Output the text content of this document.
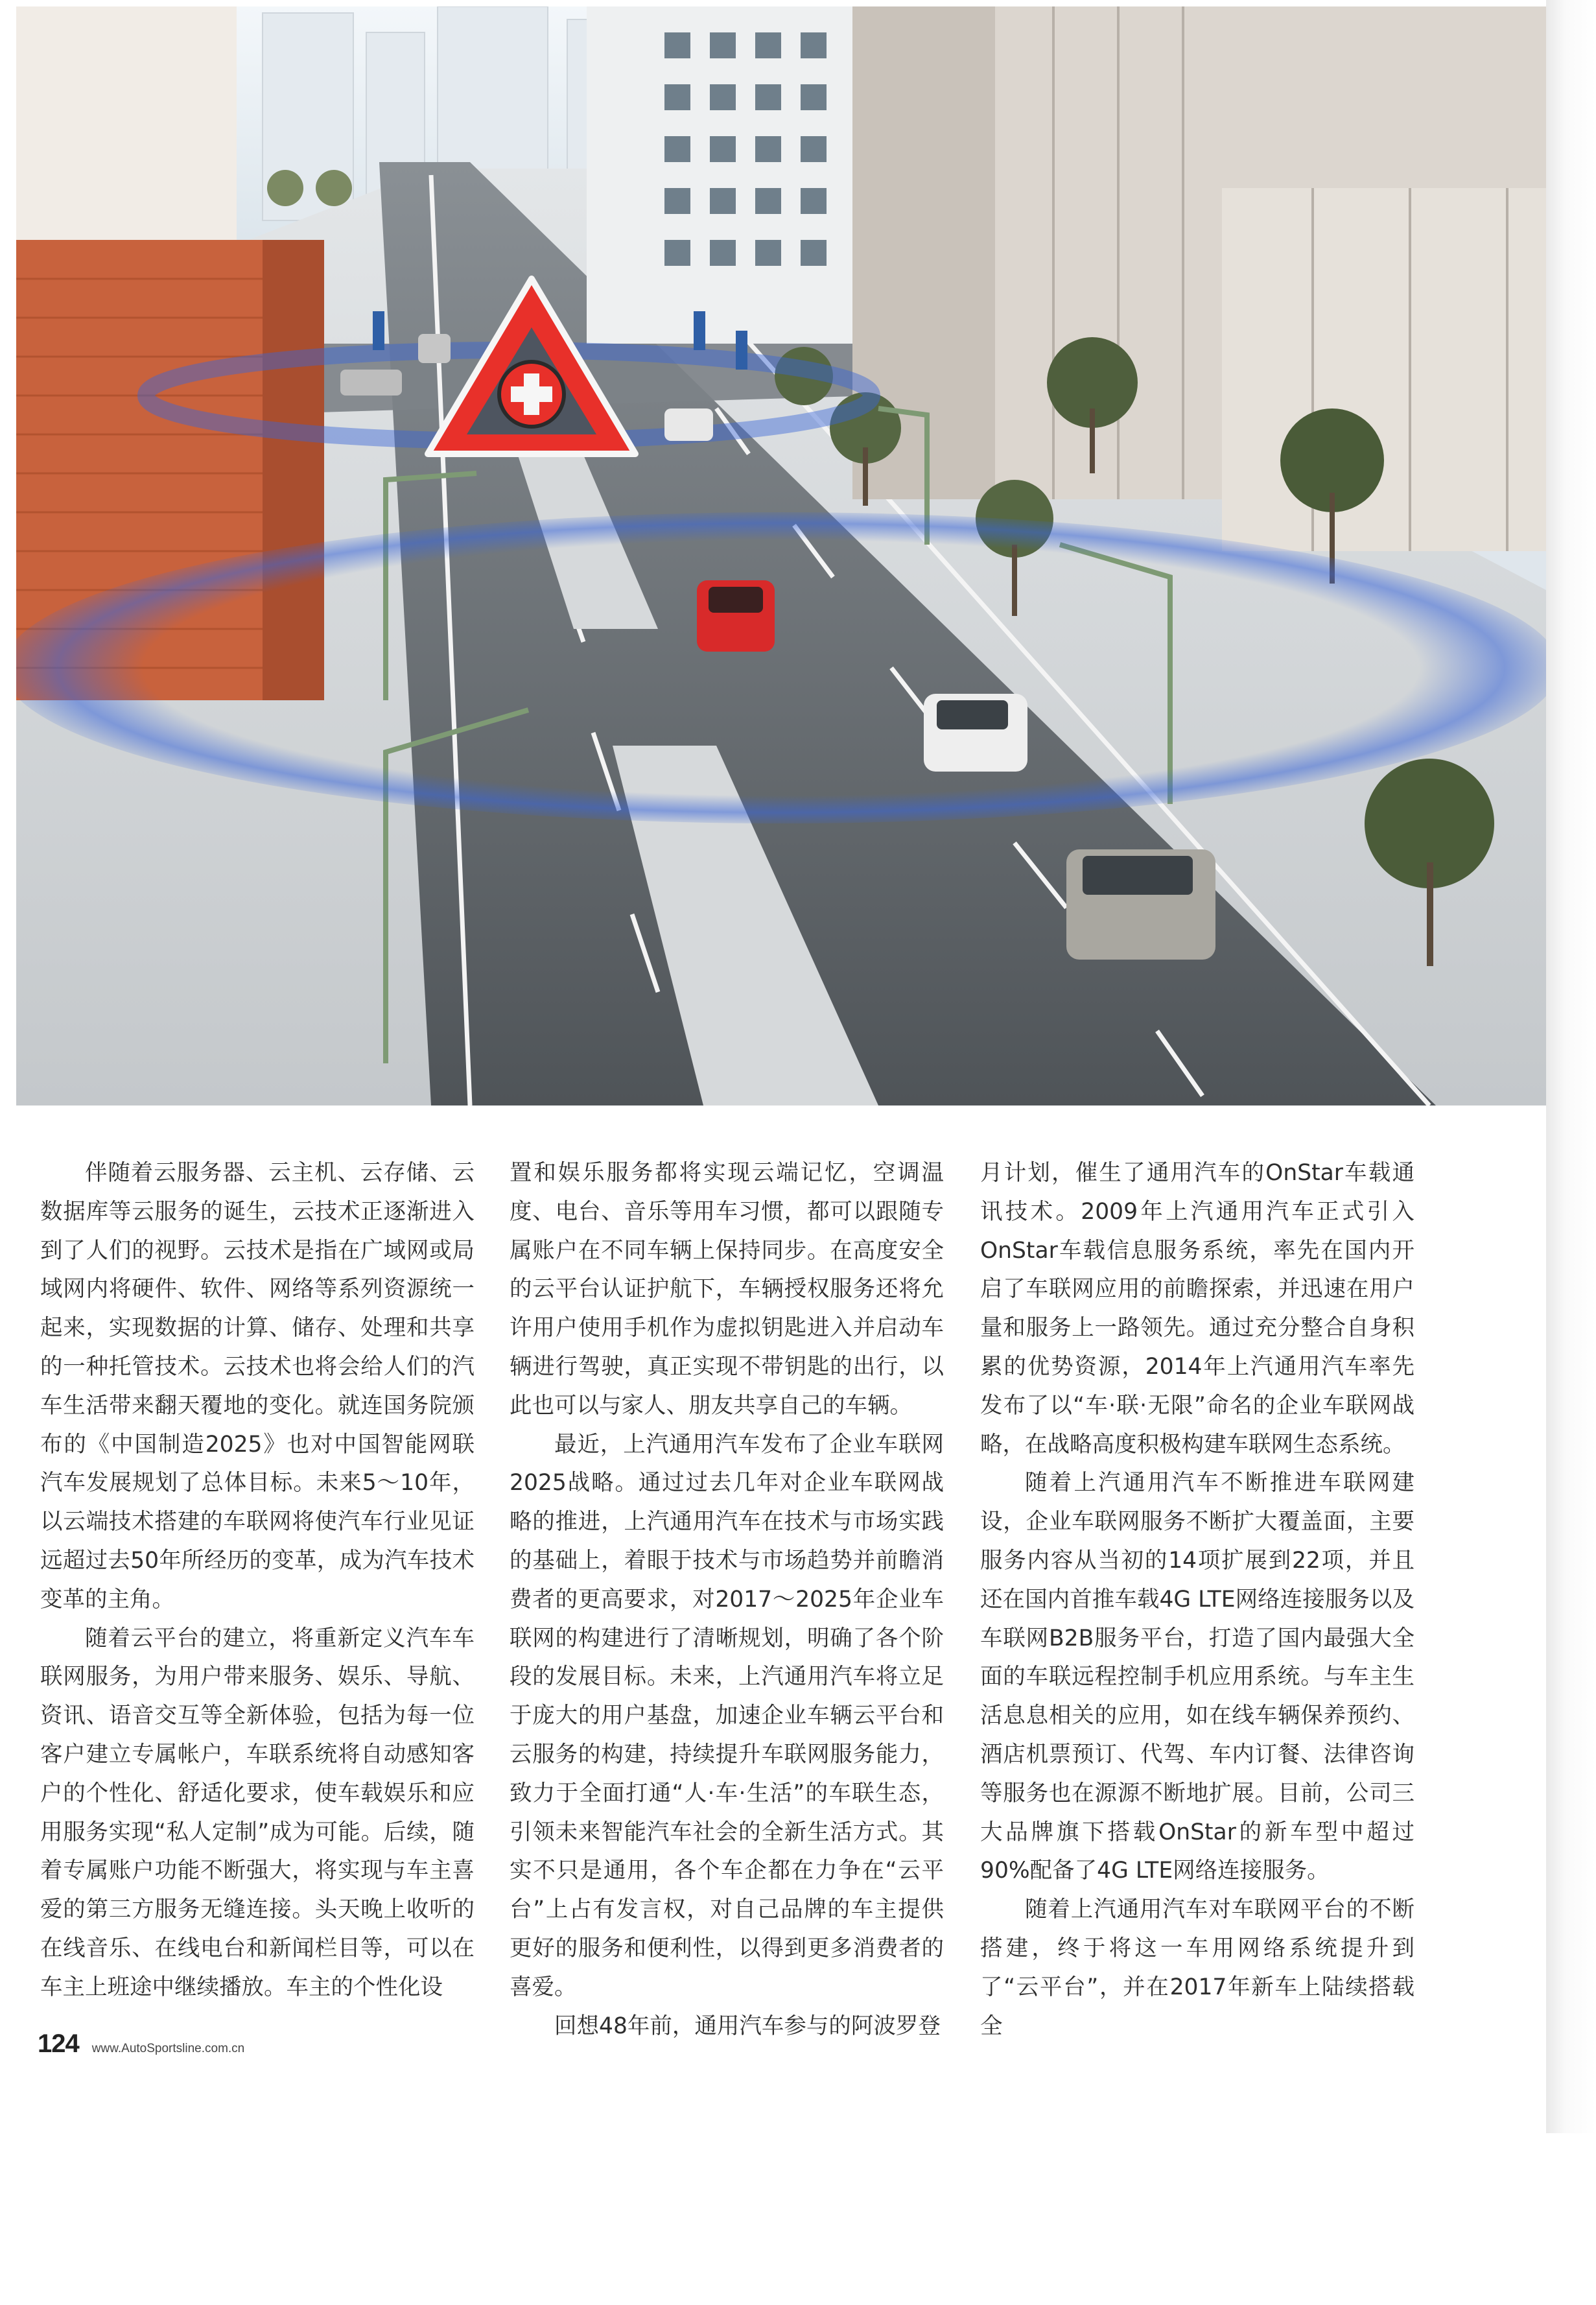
伴随着云服务器、云主机、云存储、云数据库等云服务的诞生，云技术正逐渐进入到了人们的视野。云技术是指在广域网或局域网内将硬件、软件、网络等系列资源统一起来，实现数据的计算、储存、处理和共享的一种托管技术。云技术也将会给人们的汽车生活带来翻天覆地的变化。就连国务院颁布的《中国制造2025》也对中国智能网联汽车发展规划了总体目标。未来5～10年，以云端技术搭建的车联网将使汽车行业见证远超过去50年所经历的变革，成为汽车技术变革的主角。

随着云平台的建立，将重新定义汽车车联网服务，为用户带来服务、娱乐、导航、资讯、语音交互等全新体验，包括为每一位客户建立专属帐户，车联系统将自动感知客户的个性化、舒适化要求，使车载娱乐和应用服务实现“私人定制”成为可能。后续，随着专属账户功能不断强大，将实现与车主喜爱的第三方服务无缝连接。头天晚上收听的在线音乐、在线电台和新闻栏目等，可以在车主上班途中继续播放。车主的个性化设

置和娱乐服务都将实现云端记忆，空调温度、电台、音乐等用车习惯，都可以跟随专属账户在不同车辆上保持同步。在高度安全的云平台认证护航下，车辆授权服务还将允许用户使用手机作为虚拟钥匙进入并启动车辆进行驾驶，真正实现不带钥匙的出行，以此也可以与家人、朋友共享自己的车辆。

最近，上汽通用汽车发布了企业车联网2025战略。通过过去几年对企业车联网战略的推进，上汽通用汽车在技术与市场实践的基础上，着眼于技术与市场趋势并前瞻消费者的更高要求，对2017～2025年企业车联网的构建进行了清晰规划，明确了各个阶段的发展目标。未来，上汽通用汽车将立足于庞大的用户基盘，加速企业车辆云平台和云服务的构建，持续提升车联网服务能力，致力于全面打通“人·车·生活”的车联生态，引领未来智能汽车社会的全新生活方式。其实不只是通用，各个车企都在力争在“云平台”上占有发言权，对自己品牌的车主提供更好的服务和便利性，以得到更多消费者的喜爱。

回想48年前，通用汽车参与的阿波罗登

月计划，催生了通用汽车的OnStar车载通讯技术。2009年上汽通用汽车正式引入OnStar车载信息服务系统，率先在国内开启了车联网应用的前瞻探索，并迅速在用户量和服务上一路领先。通过充分整合自身积累的优势资源，2014年上汽通用汽车率先发布了以“车·联·无限”命名的企业车联网战略，在战略高度积极构建车联网生态系统。

随着上汽通用汽车不断推进车联网建设，企业车联网服务不断扩大覆盖面，主要服务内容从当初的14项扩展到22项，并且还在国内首推车载4G LTE网络连接服务以及车联网B2B服务平台，打造了国内最强大全面的车联远程控制手机应用系统。与车主生活息息相关的应用，如在线车辆保养预约、酒店机票预订、代驾、车内订餐、法律咨询等服务也在源源不断地扩展。目前，公司三大品牌旗下搭载OnStar的新车型中超过90%配备了4G LTE网络连接服务。

随着上汽通用汽车对车联网平台的不断搭建，终于将这一车用网络系统提升到了“云平台”，并在2017年新车上陆续搭载全

124 www.AutoSportsline.com.cn
